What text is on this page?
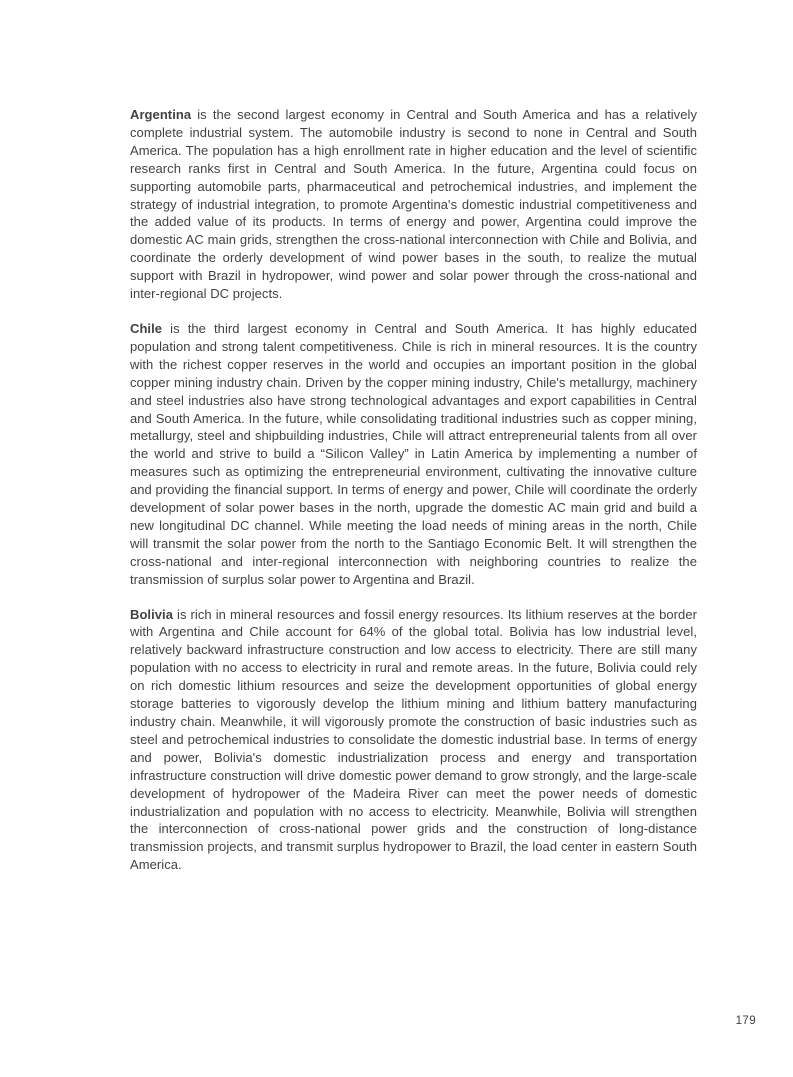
Argentina is the second largest economy in Central and South America and has a relatively complete industrial system. The automobile industry is second to none in Central and South America. The population has a high enrollment rate in higher education and the level of scientific research ranks first in Central and South America. In the future, Argentina could focus on supporting automobile parts, pharmaceutical and petrochemical industries, and implement the strategy of industrial integration, to promote Argentina's domestic industrial competitiveness and the added value of its products. In terms of energy and power, Argentina could improve the domestic AC main grids, strengthen the cross-national interconnection with Chile and Bolivia, and coordinate the orderly development of wind power bases in the south, to realize the mutual support with Brazil in hydropower, wind power and solar power through the cross-national and inter-regional DC projects.

Chile is the third largest economy in Central and South America. It has highly educated population and strong talent competitiveness. Chile is rich in mineral resources. It is the country with the richest copper reserves in the world and occupies an important position in the global copper mining industry chain. Driven by the copper mining industry, Chile's metallurgy, machinery and steel industries also have strong technological advantages and export capabilities in Central and South America. In the future, while consolidating traditional industries such as copper mining, metallurgy, steel and shipbuilding industries, Chile will attract entrepreneurial talents from all over the world and strive to build a “Silicon Valley” in Latin America by implementing a number of measures such as optimizing the entrepreneurial environment, cultivating the innovative culture and providing the financial support. In terms of energy and power, Chile will coordinate the orderly development of solar power bases in the north, upgrade the domestic AC main grid and build a new longitudinal DC channel. While meeting the load needs of mining areas in the north, Chile will transmit the solar power from the north to the Santiago Economic Belt. It will strengthen the cross-national and inter-regional interconnection with neighboring countries to realize the transmission of surplus solar power to Argentina and Brazil.

Bolivia is rich in mineral resources and fossil energy resources. Its lithium reserves at the border with Argentina and Chile account for 64% of the global total. Bolivia has low industrial level, relatively backward infrastructure construction and low access to electricity. There are still many population with no access to electricity in rural and remote areas. In the future, Bolivia could rely on rich domestic lithium resources and seize the development opportunities of global energy storage batteries to vigorously develop the lithium mining and lithium battery manufacturing industry chain. Meanwhile, it will vigorously promote the construction of basic industries such as steel and petrochemical industries to consolidate the domestic industrial base. In terms of energy and power, Bolivia's domestic industrialization process and energy and transportation infrastructure construction will drive domestic power demand to grow strongly, and the large-scale development of hydropower of the Madeira River can meet the power needs of domestic industrialization and population with no access to electricity. Meanwhile, Bolivia will strengthen the interconnection of cross-national power grids and the construction of long-distance transmission projects, and transmit surplus hydropower to Brazil, the load center in eastern South America.

179
